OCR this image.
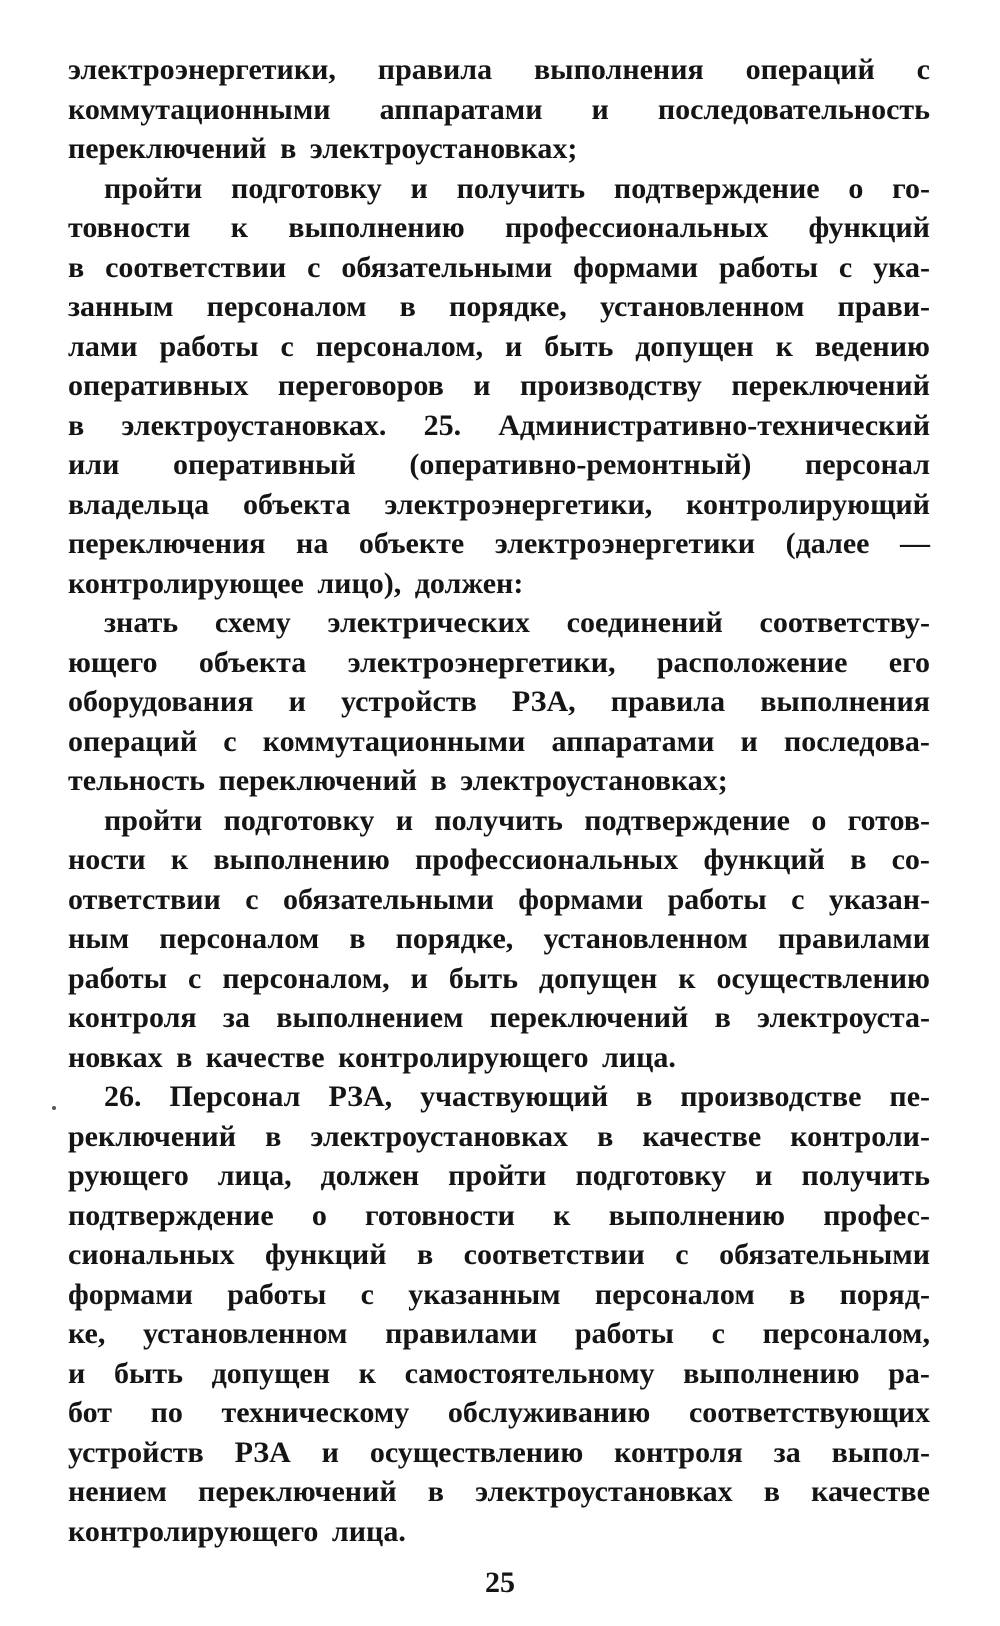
электроэнергетики, правила выполнения операций с
коммутационными аппаратами и последовательность
переключений в электроустановках;
пройти подготовку и получить подтверждение о го-
товности к выполнению профессиональных функций
в соответствии с обязательными формами работы с ука-
занным персоналом в порядке, установленном прави-
лами работы с персоналом, и быть допущен к ведению
оперативных переговоров и производству переключений
в электроустановках. 25. Административно-технический
или оперативный (оперативно-ремонтный) персонал
владельца объекта электроэнергетики, контролирующий
переключения на объекте электроэнергетики (далее —
контролирующее лицо), должен:
знать схему электрических соединений соответству-
ющего объекта электроэнергетики, расположение его
оборудования и устройств РЗА, правила выполнения
операций с коммутационными аппаратами и последова-
тельность переключений в электроустановках;
пройти подготовку и получить подтверждение о готов-
ности к выполнению профессиональных функций в со-
ответствии с обязательными формами работы с указан-
ным персоналом в порядке, установленном правилами
работы с персоналом, и быть допущен к осуществлению
контроля за выполнением переключений в электроуста-
новках в качестве контролирующего лица.
26. Персонал РЗА, участвующий в производстве пе-
реключений в электроустановках в качестве контроли-
рующего лица, должен пройти подготовку и получить
подтверждение о готовности к выполнению профес-
сиональных функций в соответствии с обязательными
формами работы с указанным персоналом в поряд-
ке, установленном правилами работы с персоналом,
и быть допущен к самостоятельному выполнению ра-
бот по техническому обслуживанию соответствующих
устройств РЗА и осуществлению контроля за выпол-
нением переключений в электроустановках в качестве
контролирующего лица.
25
